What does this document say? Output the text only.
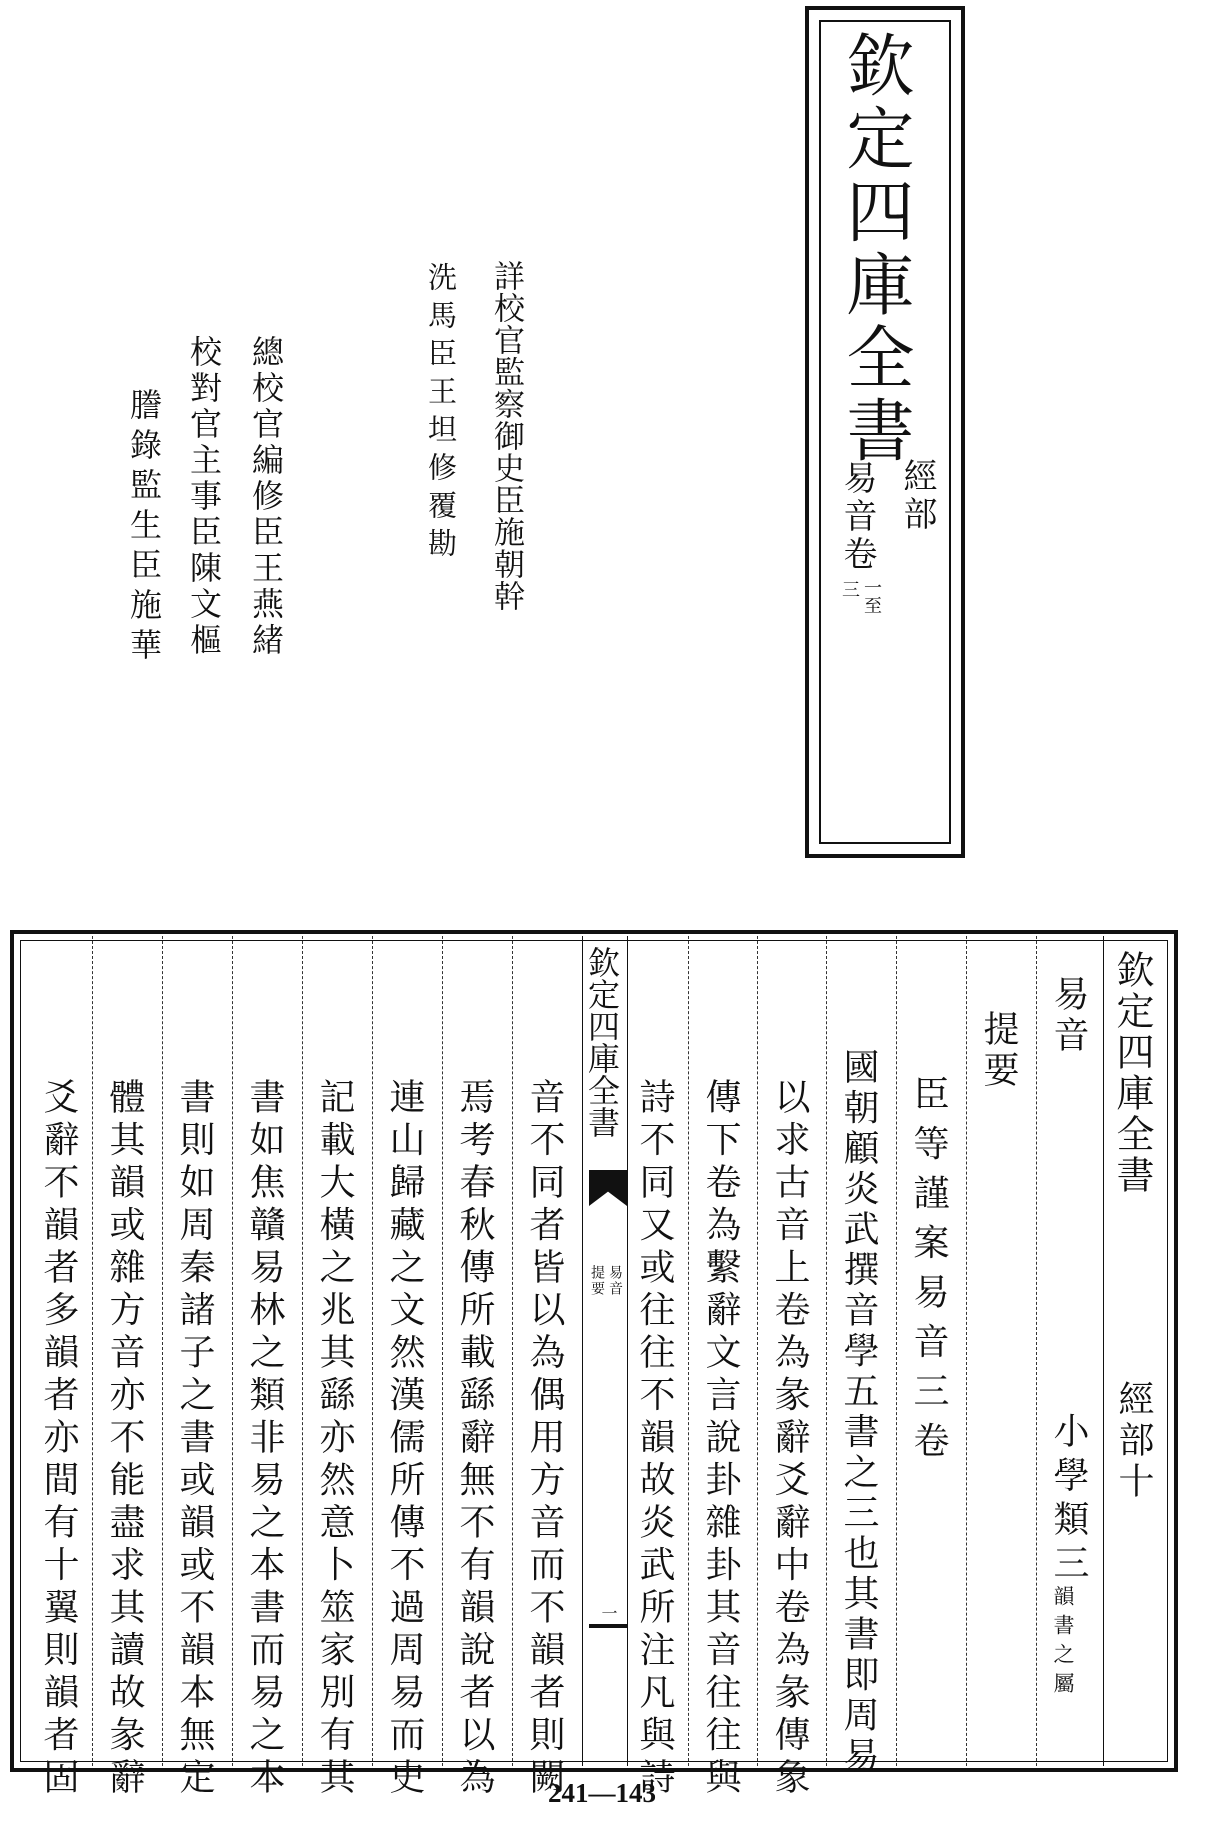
詳校官監察御史臣施朝幹
洗馬臣王坦修覆勘
總校官編修臣王燕緒
校對官主事臣陳文樞
謄錄監生臣施華
欽定四庫全書
經部
易音卷
一至
三
欽定四庫全書
經部十
易音
小學類三
韻書之屬
提要
欽定四庫全書
易音
提要
一
臣等謹案易音三卷
國朝顧炎武撰音學五書之三也其書即周易
以求古音上卷為彖辭爻辭中卷為彖傳象
傳下卷為繫辭文言說卦雜卦其音往往與
詩不同又或往往不韻故炎武所注凡與詩
音不同者皆以為偶用方音而不韻者則闕
焉考春秋傳所載繇辭無不有韻說者以為
連山歸藏之文然漢儒所傳不過周易而史
記載大橫之兆其繇亦然意卜筮家別有其
書如焦贛易林之類非易之本書而易之本
書則如周秦諸子之書或韻或不韻本無定
體其韻或雜方音亦不能盡求其讀故彖辭
爻辭不韻者多韻者亦間有十翼則韻者固	241—143
